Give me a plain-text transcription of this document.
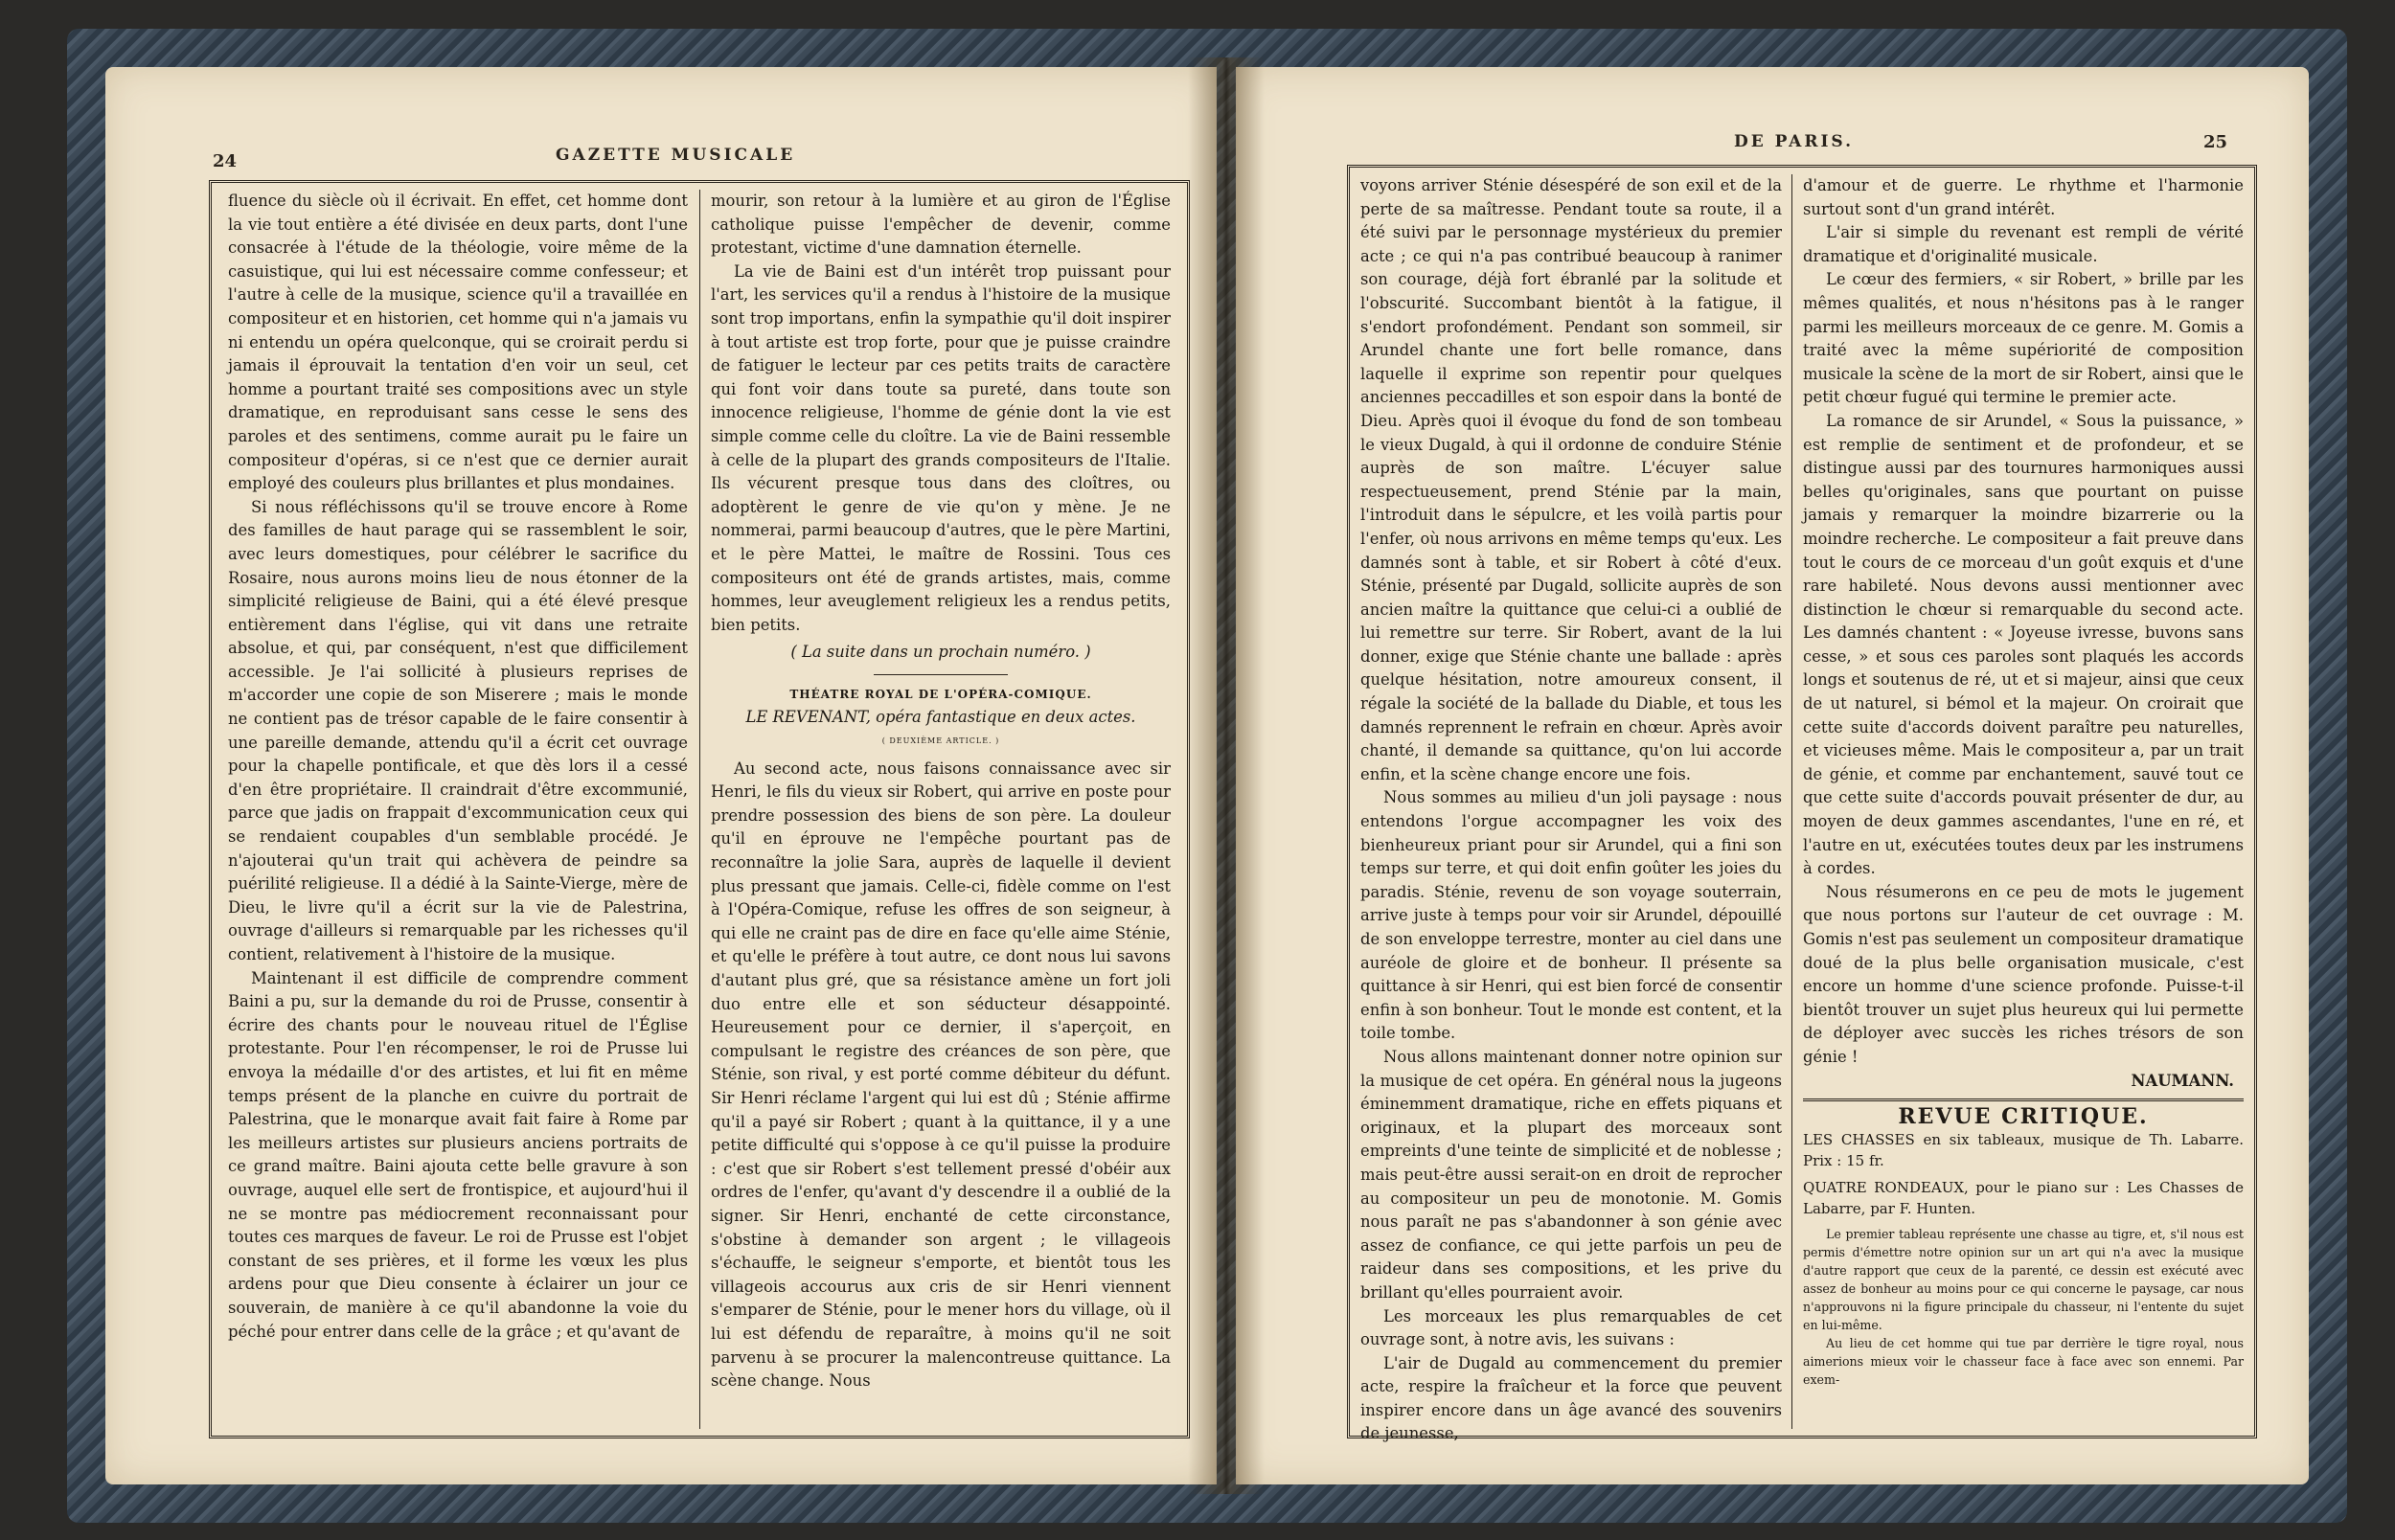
24	GAZETTE MUSICALE

fluence du siècle où il écrivait. En effet, cet homme dont la vie tout entière a été divisée en deux parts, dont l'une consacrée à l'étude de la théologie, voire même de la casuistique, qui lui est nécessaire comme confesseur; et l'autre à celle de la musique, science qu'il a travaillée en compositeur et en historien, cet homme qui n'a jamais vu ni entendu un opéra quelconque, qui se croirait perdu si jamais il éprouvait la tentation d'en voir un seul, cet homme a pourtant traité ses compositions avec un style dramatique, en reproduisant sans cesse le sens des paroles et des sentimens, comme aurait pu le faire un compositeur d'opéras, si ce n'est que ce dernier aurait employé des couleurs plus brillantes et plus mondaines.

Si nous réfléchissons qu'il se trouve encore à Rome des familles de haut parage qui se rassemblent le soir, avec leurs domestiques, pour célébrer le sacrifice du Rosaire, nous aurons moins lieu de nous étonner de la simplicité religieuse de Baini, qui a été élevé presque entièrement dans l'église, qui vit dans une retraite absolue, et qui, par conséquent, n'est que difficilement accessible. Je l'ai sollicité à plusieurs reprises de m'accorder une copie de son Miserere ; mais le monde ne contient pas de trésor capable de le faire consentir à une pareille demande, attendu qu'il a écrit cet ouvrage pour la chapelle pontificale, et que dès lors il a cessé d'en être propriétaire. Il craindrait d'être excommunié, parce que jadis on frappait d'excommunication ceux qui se rendaient coupables d'un semblable procédé. Je n'ajouterai qu'un trait qui achèvera de peindre sa puérilité religieuse. Il a dédié à la Sainte-Vierge, mère de Dieu, le livre qu'il a écrit sur la vie de Palestrina, ouvrage d'ailleurs si remarquable par les richesses qu'il contient, relativement à l'histoire de la musique.

Maintenant il est difficile de comprendre comment Baini a pu, sur la demande du roi de Prusse, consentir à écrire des chants pour le nouveau rituel de l'Église protestante. Pour l'en récompenser, le roi de Prusse lui envoya la médaille d'or des artistes, et lui fit en même temps présent de la planche en cuivre du portrait de Palestrina, que le monarque avait fait faire à Rome par les meilleurs artistes sur plusieurs anciens portraits de ce grand maître. Baini ajouta cette belle gravure à son ouvrage, auquel elle sert de frontispice, et aujourd'hui il ne se montre pas médiocrement reconnaissant pour toutes ces marques de faveur. Le roi de Prusse est l'objet constant de ses prières, et il forme les vœux les plus ardens pour que Dieu consente à éclairer un jour ce souverain, de manière à ce qu'il abandonne la voie du péché pour entrer dans celle de la grâce ; et qu'avant de

mourir, son retour à la lumière et au giron de l'Église catholique puisse l'empêcher de devenir, comme protestant, victime d'une damnation éternelle.

La vie de Baini est d'un intérêt trop puissant pour l'art, les services qu'il a rendus à l'histoire de la musique sont trop importans, enfin la sympathie qu'il doit inspirer à tout artiste est trop forte, pour que je puisse craindre de fatiguer le lecteur par ces petits traits de caractère qui font voir dans toute sa pureté, dans toute son innocence religieuse, l'homme de génie dont la vie est simple comme celle du cloître. La vie de Baini ressemble à celle de la plupart des grands compositeurs de l'Italie. Ils vécurent presque tous dans des cloîtres, ou adoptèrent le genre de vie qu'on y mène. Je ne nommerai, parmi beaucoup d'autres, que le père Martini, et le père Mattei, le maître de Rossini. Tous ces compositeurs ont été de grands artistes, mais, comme hommes, leur aveuglement religieux les a rendus petits, bien petits.

( La suite dans un prochain numéro. )

THÉATRE ROYAL DE L'OPÉRA-COMIQUE.

LE REVENANT, opéra fantastique en deux actes.

( DEUXIÈME ARTICLE. )

Au second acte, nous faisons connaissance avec sir Henri, le fils du vieux sir Robert, qui arrive en poste pour prendre possession des biens de son père. La douleur qu'il en éprouve ne l'empêche pourtant pas de reconnaître la jolie Sara, auprès de laquelle il devient plus pressant que jamais. Celle-ci, fidèle comme on l'est à l'Opéra-Comique, refuse les offres de son seigneur, à qui elle ne craint pas de dire en face qu'elle aime Sténie, et qu'elle le préfère à tout autre, ce dont nous lui savons d'autant plus gré, que sa résistance amène un fort joli duo entre elle et son séducteur désappointé. Heureusement pour ce dernier, il s'aperçoit, en compulsant le registre des créances de son père, que Sténie, son rival, y est porté comme débiteur du défunt. Sir Henri réclame l'argent qui lui est dû ; Sténie affirme qu'il a payé sir Robert ; quant à la quittance, il y a une petite difficulté qui s'oppose à ce qu'il puisse la produire : c'est que sir Robert s'est tellement pressé d'obéir aux ordres de l'enfer, qu'avant d'y descendre il a oublié de la signer. Sir Henri, enchanté de cette circonstance, s'obstine à demander son argent ; le villageois s'échauffe, le seigneur s'emporte, et bientôt tous les villageois accourus aux cris de sir Henri viennent s'emparer de Sténie, pour le mener hors du village, où il lui est défendu de reparaître, à moins qu'il ne soit parvenu à se procurer la malencontreuse quittance. La scène change. Nous

DE PARIS.	25

voyons arriver Sténie désespéré de son exil et de la perte de sa maîtresse. Pendant toute sa route, il a été suivi par le personnage mystérieux du premier acte ; ce qui n'a pas contribué beaucoup à ranimer son courage, déjà fort ébranlé par la solitude et l'obscurité. Succombant bientôt à la fatigue, il s'endort profondément. Pendant son sommeil, sir Arundel chante une fort belle romance, dans laquelle il exprime son repentir pour quelques anciennes peccadilles et son espoir dans la bonté de Dieu. Après quoi il évoque du fond de son tombeau le vieux Dugald, à qui il ordonne de conduire Sténie auprès de son maître. L'écuyer salue respectueusement, prend Sténie par la main, l'introduit dans le sépulcre, et les voilà partis pour l'enfer, où nous arrivons en même temps qu'eux. Les damnés sont à table, et sir Robert à côté d'eux. Sténie, présenté par Dugald, sollicite auprès de son ancien maître la quittance que celui-ci a oublié de lui remettre sur terre. Sir Robert, avant de la lui donner, exige que Sténie chante une ballade : après quelque hésitation, notre amoureux consent, il régale la société de la ballade du Diable, et tous les damnés reprennent le refrain en chœur. Après avoir chanté, il demande sa quittance, qu'on lui accorde enfin, et la scène change encore une fois.

Nous sommes au milieu d'un joli paysage : nous entendons l'orgue accompagner les voix des bienheureux priant pour sir Arundel, qui a fini son temps sur terre, et qui doit enfin goûter les joies du paradis. Sténie, revenu de son voyage souterrain, arrive juste à temps pour voir sir Arundel, dépouillé de son enveloppe terrestre, monter au ciel dans une auréole de gloire et de bonheur. Il présente sa quittance à sir Henri, qui est bien forcé de consentir enfin à son bonheur. Tout le monde est content, et la toile tombe.

Nous allons maintenant donner notre opinion sur la musique de cet opéra. En général nous la jugeons éminemment dramatique, riche en effets piquans et originaux, et la plupart des morceaux sont empreints d'une teinte de simplicité et de noblesse ; mais peut-être aussi serait-on en droit de reprocher au compositeur un peu de monotonie. M. Gomis nous paraît ne pas s'abandonner à son génie avec assez de confiance, ce qui jette parfois un peu de raideur dans ses compositions, et les prive du brillant qu'elles pourraient avoir.

Les morceaux les plus remarquables de cet ouvrage sont, à notre avis, les suivans :

L'air de Dugald au commencement du premier acte, respire la fraîcheur et la force que peuvent inspirer encore dans un âge avancé des souvenirs de jeunesse,

d'amour et de guerre. Le rhythme et l'harmonie surtout sont d'un grand intérêt.

L'air si simple du revenant est rempli de vérité dramatique et d'originalité musicale.

Le cœur des fermiers, « sir Robert, » brille par les mêmes qualités, et nous n'hésitons pas à le ranger parmi les meilleurs morceaux de ce genre. M. Gomis a traité avec la même supériorité de composition musicale la scène de la mort de sir Robert, ainsi que le petit chœur fugué qui termine le premier acte.

La romance de sir Arundel, « Sous la puissance, » est remplie de sentiment et de profondeur, et se distingue aussi par des tournures harmoniques aussi belles qu'originales, sans que pourtant on puisse jamais y remarquer la moindre bizarrerie ou la moindre recherche. Le compositeur a fait preuve dans tout le cours de ce morceau d'un goût exquis et d'une rare habileté. Nous devons aussi mentionner avec distinction le chœur si remarquable du second acte. Les damnés chantent : « Joyeuse ivresse, buvons sans cesse, » et sous ces paroles sont plaqués les accords longs et soutenus de ré, ut et si majeur, ainsi que ceux de ut naturel, si bémol et la majeur. On croirait que cette suite d'accords doivent paraître peu naturelles, et vicieuses même. Mais le compositeur a, par un trait de génie, et comme par enchantement, sauvé tout ce que cette suite d'accords pouvait présenter de dur, au moyen de deux gammes ascendantes, l'une en ré, et l'autre en ut, exécutées toutes deux par les instrumens à cordes.

Nous résumerons en ce peu de mots le jugement que nous portons sur l'auteur de cet ouvrage : M. Gomis n'est pas seulement un compositeur dramatique doué de la plus belle organisation musicale, c'est encore un homme d'une science profonde. Puisse-t-il bientôt trouver un sujet plus heureux qui lui permette de déployer avec succès les riches trésors de son génie !

NAUMANN.

REVUE CRITIQUE.

LES CHASSES en six tableaux, musique de Th. Labarre. Prix : 15 fr.

QUATRE RONDEAUX, pour le piano sur : Les Chasses de Labarre, par F. Hunten.

Le premier tableau représente une chasse au tigre, et, s'il nous est permis d'émettre notre opinion sur un art qui n'a avec la musique d'autre rapport que ceux de la parenté, ce dessin est exécuté avec assez de bonheur au moins pour ce qui concerne le paysage, car nous n'approuvons ni la figure principale du chasseur, ni l'entente du sujet en lui-même.

Au lieu de cet homme qui tue par derrière le tigre royal, nous aimerions mieux voir le chasseur face à face avec son ennemi. Par exem-
